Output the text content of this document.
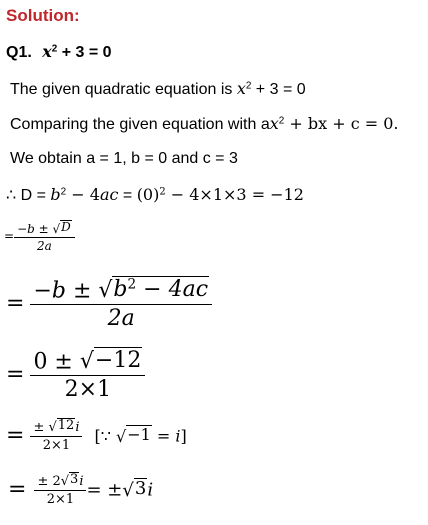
Solution:
Q1. $x^2 + 3 = 0$
The given quadratic equation is $x^2 + 3 = 0$
Comparing the given equation with $ax^2$ + bx + c = 0.
We obtain a = 1, b = 0 and c = 3
∴ $D = b^2 - 4ac = (0)^2 - 4\times 1\times 3 = -12$
= $\frac{-b \pm √ D}{2a}$
= $\frac{-b \pm √ b^2 - 4ac}{2a}$
= $\frac{0 \pm √ -12}{2\times 1}$
= $\frac{\pm √ 12 i}{2\times 1}$ [∵ √ −1 = i]
= $\frac{\pm 2 √ 3 i}{2\times 1}$ = ± √ 3 i
